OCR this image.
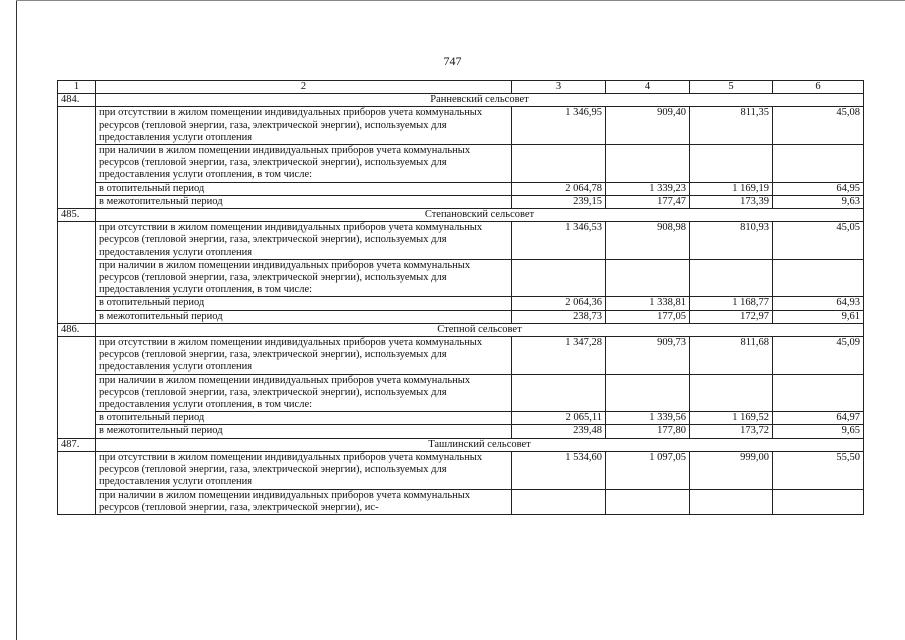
747
1	2	3	4	5	6
484.	Ранневский сельсовет				
	при отсутствии в жилом помещении индивидуальных приборов учета коммунальных ресурсов (тепловой энергии, газа, электрической энергии), используемых для предоставления услуги отопления	1 346,95	909,40	811,35	45,08
	при наличии в жилом помещении индивидуальных приборов учета коммунальных ресурсов (тепловой энергии, газа, электрической энергии), используемых для предоставления услуги отопления, в том числе:				
	в отопительный период	2 064,78	1 339,23	1 169,19	64,95
	в межотопительный период	239,15	177,47	173,39	9,63
485.	Степановский сельсовет				
	при отсутствии в жилом помещении индивидуальных приборов учета коммунальных ресурсов (тепловой энергии, газа, электрической энергии), используемых для предоставления услуги отопления	1 346,53	908,98	810,93	45,05
	при наличии в жилом помещении индивидуальных приборов учета коммунальных ресурсов (тепловой энергии, газа, электрической энергии), используемых для предоставления услуги отопления, в том числе:				
	в отопительный период	2 064,36	1 338,81	1 168,77	64,93
	в межотопительный период	238,73	177,05	172,97	9,61
486.	Степной сельсовет				
	при отсутствии в жилом помещении индивидуальных приборов учета коммунальных ресурсов (тепловой энергии, газа, электрической энергии), используемых для предоставления услуги отопления	1 347,28	909,73	811,68	45,09
	при наличии в жилом помещении индивидуальных приборов учета коммунальных ресурсов (тепловой энергии, газа, электрической энергии), используемых для предоставления услуги отопления, в том числе:				
	в отопительный период	2 065,11	1 339,56	1 169,52	64,97
	в межотопительный период	239,48	177,80	173,72	9,65
487.	Ташлинский сельсовет				
	при отсутствии в жилом помещении индивидуальных приборов учета коммунальных ресурсов (тепловой энергии, газа, электрической энергии), используемых для предоставления услуги отопления	1 534,60	1 097,05	999,00	55,50
	при наличии в жилом помещении индивидуальных приборов учета коммунальных ресурсов (тепловой энергии, газа, электрической энергии), ис-				
